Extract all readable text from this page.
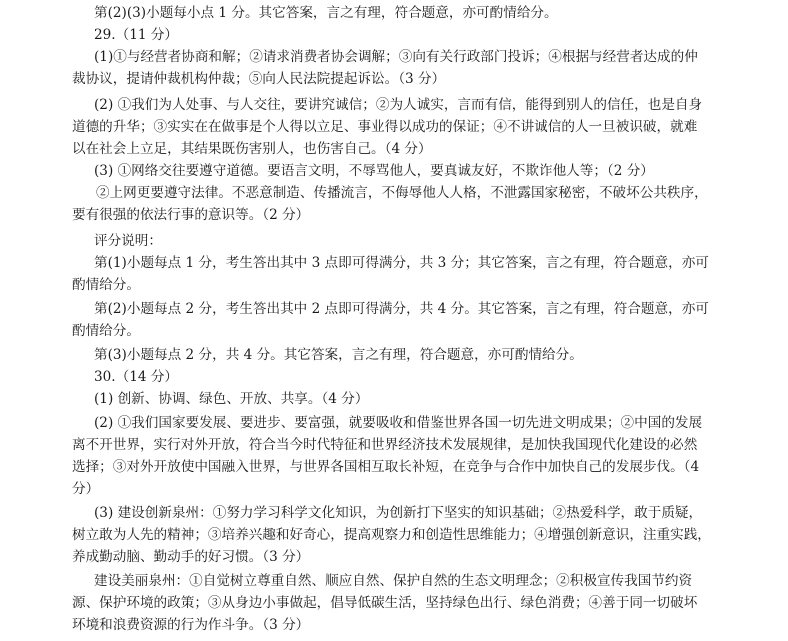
第(2)(3)小题每小点 1 分。其它答案，言之有理，符合题意，亦可酌情给分。
29.（11 分）
(1)①与经营者协商和解；②请求消费者协会调解；③向有关行政部门投诉；④根据与经营者达成的仲
裁协议，提请仲裁机构仲裁；⑤向人民法院提起诉讼。（3 分）
(2) ①我们为人处事、与人交往，要讲究诚信；②为人诚实，言而有信，能得到别人的信任，也是自身
道德的升华；③实实在在做事是个人得以立足、事业得以成功的保证；④不讲诚信的人一旦被识破，就难
以在社会上立足，其结果既伤害别人，也伤害自己。（4 分）
(3) ①网络交往要遵守道德。要语言文明，不辱骂他人，要真诚友好，不欺诈他人等；（2 分）
②上网更要遵守法律。不恶意制造、传播流言，不侮辱他人人格，不泄露国家秘密，不破坏公共秩序，
要有很强的依法行事的意识等。（2 分）
评分说明：
第(1)小题每点 1 分，考生答出其中 3 点即可得满分，共 3 分；其它答案，言之有理，符合题意，亦可
酌情给分。
第(2)小题每点 2 分，考生答出其中 2 点即可得满分，共 4 分。其它答案，言之有理，符合题意，亦可
酌情给分。
第(3)小题每点 2 分，共 4 分。其它答案，言之有理，符合题意，亦可酌情给分。
30.（14 分）
(1) 创新、协调、绿色、开放、共享。（4 分）
(2) ①我们国家要发展、要进步、要富强，就要吸收和借鉴世界各国一切先进文明成果；②中国的发展
离不开世界，实行对外开放，符合当今时代特征和世界经济技术发展规律，是加快我国现代化建设的必然
选择；③对外开放使中国融入世界，与世界各国相互取长补短，在竞争与合作中加快自己的发展步伐。（4
分）
(3) 建设创新泉州：①努力学习科学文化知识，为创新打下坚实的知识基础；②热爱科学，敢于质疑，
树立敢为人先的精神；③培养兴趣和好奇心，提高观察力和创造性思维能力；④增强创新意识，注重实践，
养成勤动脑、勤动手的好习惯。（3 分）
建设美丽泉州：①自觉树立尊重自然、顺应自然、保护自然的生态文明理念；②积极宣传我国节约资
源、保护环境的政策；③从身边小事做起，倡导低碳生活，坚持绿色出行、绿色消费；④善于同一切破坏
环境和浪费资源的行为作斗争。（3 分）
